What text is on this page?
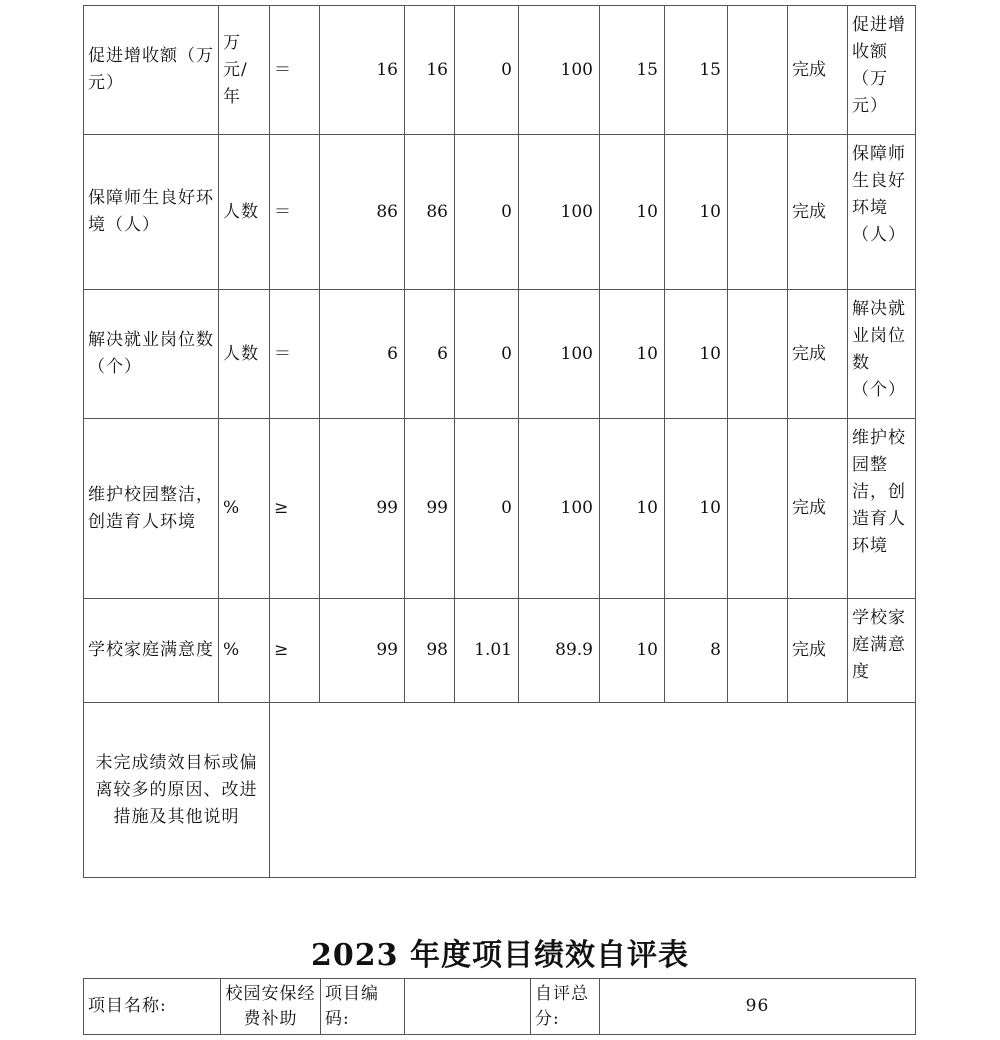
促进增收额（万元）	万元/年	＝	16	16	0	100	15	15		完成	促进增收额（万元）
保障师生良好环境（人）	人数	＝	86	86	0	100	10	10		完成	保障师生良好环境（人）
解决就业岗位数（个）	人数	＝	6	6	0	100	10	10		完成	解决就业岗位数（个）
维护校园整洁，创造育人环境	%	≥	99	99	0	100	10	10		完成	维护校园整洁，创造育人环境
学校家庭满意度	%	≥	99	98	1.01	89.9	10	8		完成	学校家庭满意度
未完成绩效目标或偏离较多的原因、改进措施及其他说明											
2023 年度项目绩效自评表
项目名称:	校园安保经费补助	项目编码:		自评总分:	96
